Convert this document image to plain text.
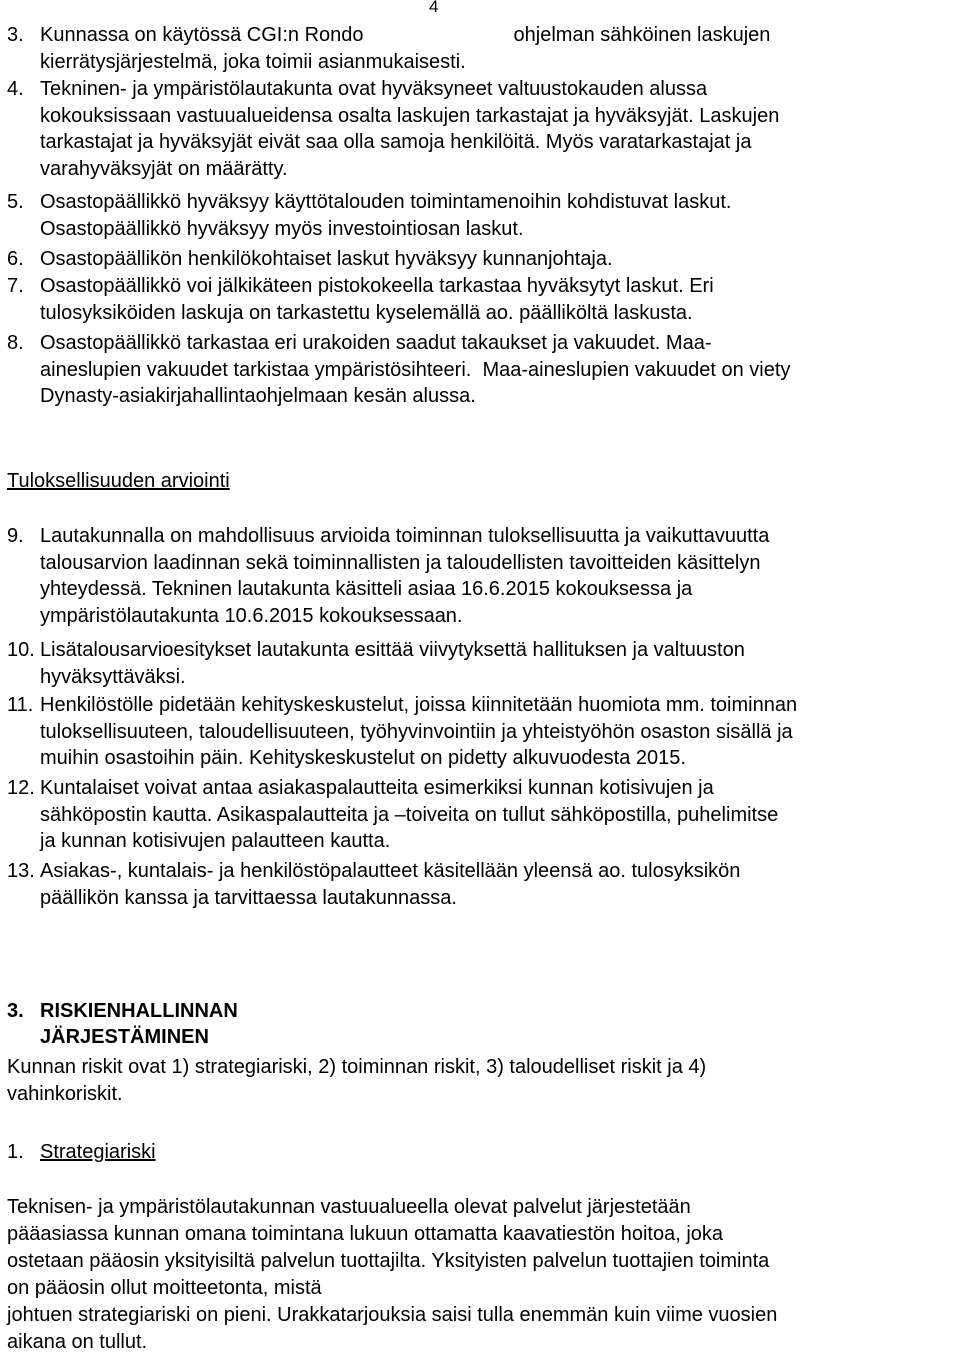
4
3. Kunnassa on käytössä CGI:n Rondo                           ohjelman sähköinen laskujen
kierrätysjärjestelmä, joka toimii asianmukaisesti.
4. Tekninen- ja ympäristölautakunta ovat hyväksyneet valtuustokauden alussa
kokouksissaan vastuualueidensa osalta laskujen tarkastajat ja hyväksyjät. Laskujen
tarkastajat ja hyväksyjät eivät saa olla samoja henkilöitä. Myös varatarkastajat ja
varahyväksyjät on määrätty.
5. Osastopäällikkö hyväksyy käyttötalouden toimintamenoihin kohdistuvat laskut.
Osastopäällikkö hyväksyy myös investointiosan laskut.
6. Osastopäällikön henkilökohtaiset laskut hyväksyy kunnanjohtaja.
7. Osastopäällikkö voi jälkikäteen pistokokeella tarkastaa hyväksytyt laskut. Eri
tulosyksiköiden laskuja on tarkastettu kyselemällä ao. päälliköltä laskusta.
8. Osastopäällikkö tarkastaa eri urakoiden saadut takaukset ja vakuudet. Maa-
aineslupien vakuudet tarkistaa ympäristösihteeri.  Maa-aineslupien vakuudet on viety
Dynasty-asiakirjahallintaohjelmaan kesän alussa.
Tuloksellisuuden arviointi
9. Lautakunnalla on mahdollisuus arvioida toiminnan tuloksellisuutta ja vaikuttavuutta
talousarvion laadinnan sekä toiminnallisten ja taloudellisten tavoitteiden käsittelyn
yhteydessä. Tekninen lautakunta käsitteli asiaa 16.6.2015 kokouksessa ja
ympäristölautakunta 10.6.2015 kokouksessaan.
10. Lisätalousarvioesitykset lautakunta esittää viivytyksettä hallituksen ja valtuuston
hyväksyttäväksi.
11. Henkilöstölle pidetään kehityskeskustelut, joissa kiinnitetään huomiota mm. toiminnan
tuloksellisuuteen, taloudellisuuteen, työhyvinvointiin ja yhteistyöhön osaston sisällä ja
muihin osastoihin päin. Kehityskeskustelut on pidetty alkuvuodesta 2015.
12. Kuntalaiset voivat antaa asiakaspalautteita esimerkiksi kunnan kotisivujen ja
sähköpostin kautta. Asikaspalautteita ja –toiveita on tullut sähköpostilla, puhelimitse
ja kunnan kotisivujen palautteen kautta.
13. Asiakas-, kuntalais- ja henkilöstöpalautteet käsitellään yleensä ao. tulosyksikön
päällikön kanssa ja tarvittaessa lautakunnassa.
3. RISKIENHALLINNAN JÄRJESTÄMINEN
Kunnan riskit ovat 1) strategiariski, 2) toiminnan riskit, 3) taloudelliset riskit ja 4)
vahinkoriskit.
1. Strategiariski
Teknisen- ja ympäristölautakunnan vastuualueella olevat palvelut järjestetään
pääasiassa kunnan omana toimintana lukuun ottamatta kaavatiestön hoitoa, joka
ostetaan pääosin yksityisiltä palvelun tuottajilta. Yksityisten palvelun tuottajien toiminta
on pääosin ollut moitteetonta, mistä
johtuen strategiariski on pieni. Urakkatarjouksia saisi tulla enemmän kuin viime vuosien
aikana on tullut.
